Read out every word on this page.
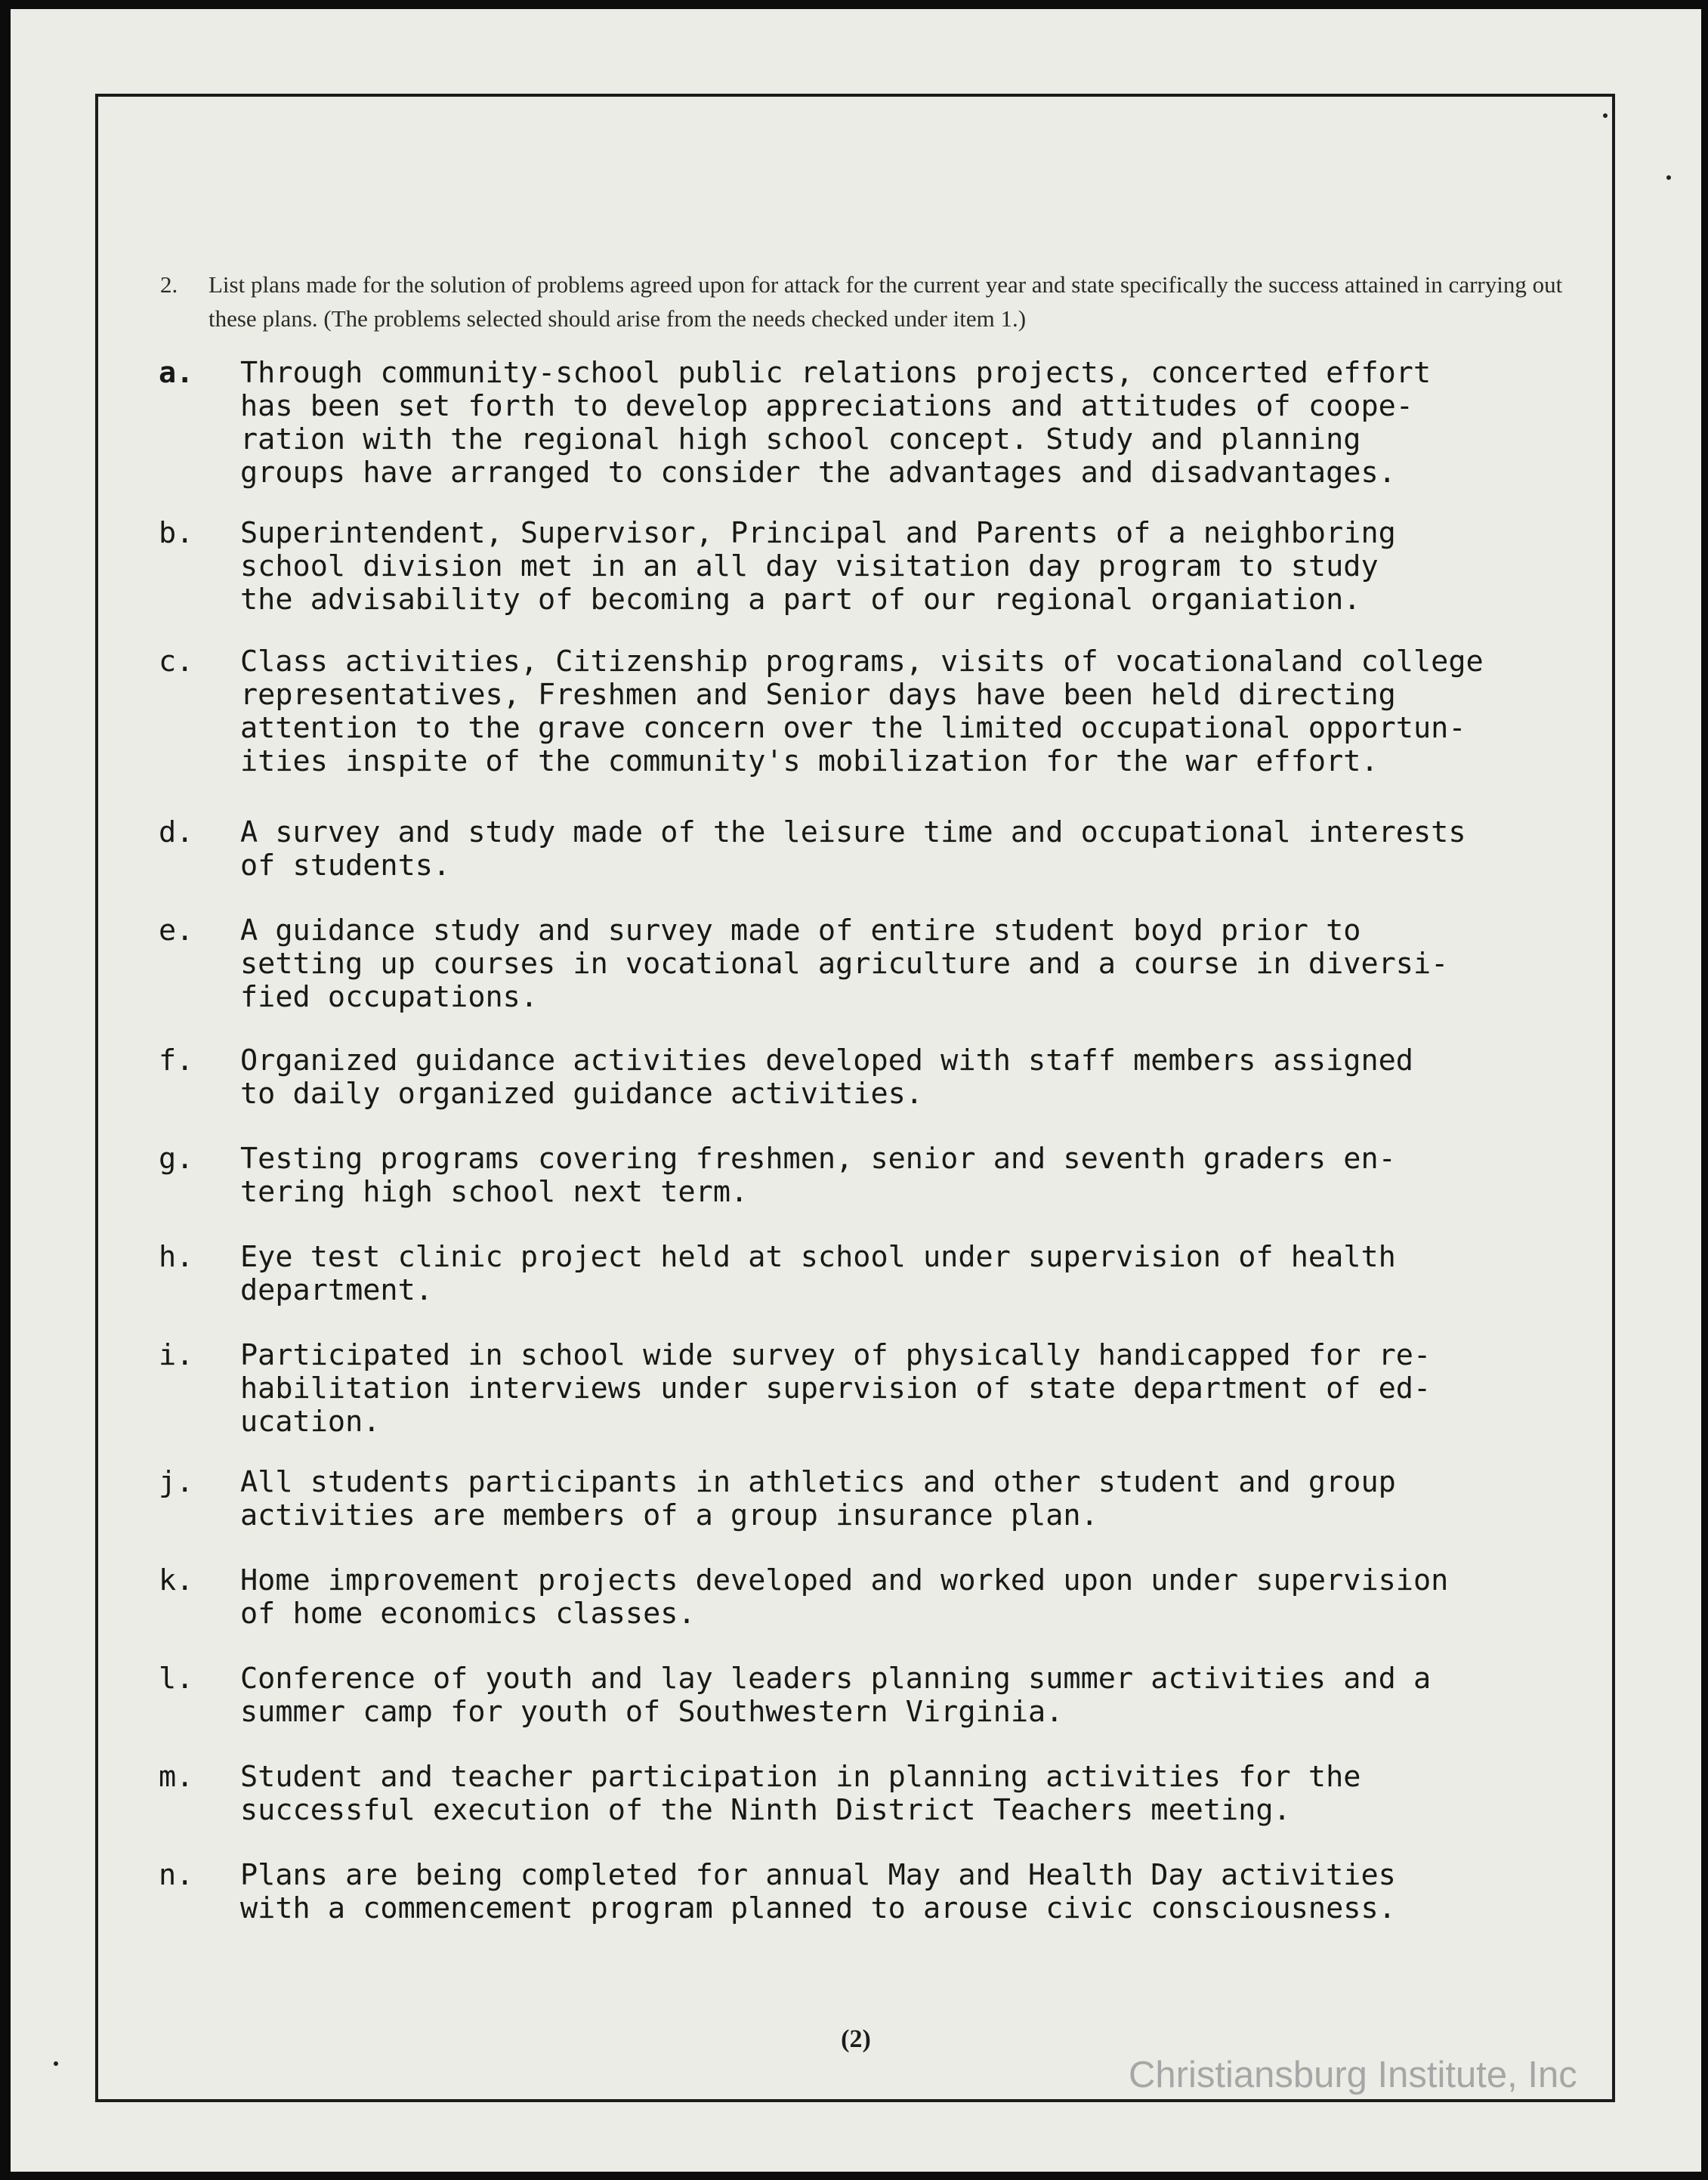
2.	List plans made for the solution of problems agreed upon for attack for the current year and state specifically the success attained in carrying out these plans. (The problems selected should arise from the needs checked under item 1.)
a.	Through community-school public relations projects, concerted effort
has been set forth to develop appreciations and attitudes of coope-
ration with the regional high school concept. Study and planning
groups have arranged to consider the advantages and disadvantages.
b.	Superintendent, Supervisor, Principal and Parents of a neighboring
school division met in an all day visitation day program to study
the advisability of becoming a part of our regional organiation.
c.	Class activities, Citizenship programs, visits of vocationaland college
representatives, Freshmen and Senior days have been held directing
attention to the grave concern over the limited occupational opportun-
ities inspite of the community's mobilization for the war effort.
d.	A survey and study made of the leisure time and occupational interests
of students.
e.	A guidance study and survey made of entire student boyd prior to
setting up courses in vocational agriculture and a course in diversi-
fied occupations.
f.	Organized guidance activities developed with staff members assigned
to daily organized guidance activities.
g.	Testing programs covering freshmen, senior and seventh graders en-
tering high school next term.
h.	Eye test clinic project held at school under supervision of health
department.
i.	Participated in school wide survey of physically handicapped for re-
habilitation interviews under supervision of state department of ed-
ucation.
j.	All students participants in athletics and other student and group
activities are members of a group insurance plan.
k.	Home improvement projects developed and worked upon under supervision
of home economics classes.
l.	Conference of youth and lay leaders planning summer activities and a
summer camp for youth of Southwestern Virginia.
m.	Student and teacher participation in planning activities for the
successful execution of the Ninth District Teachers meeting.
n.	Plans are being completed for annual May and Health Day activities
with a commencement program planned to arouse civic consciousness.
(2)
Christiansburg Institute, Inc
